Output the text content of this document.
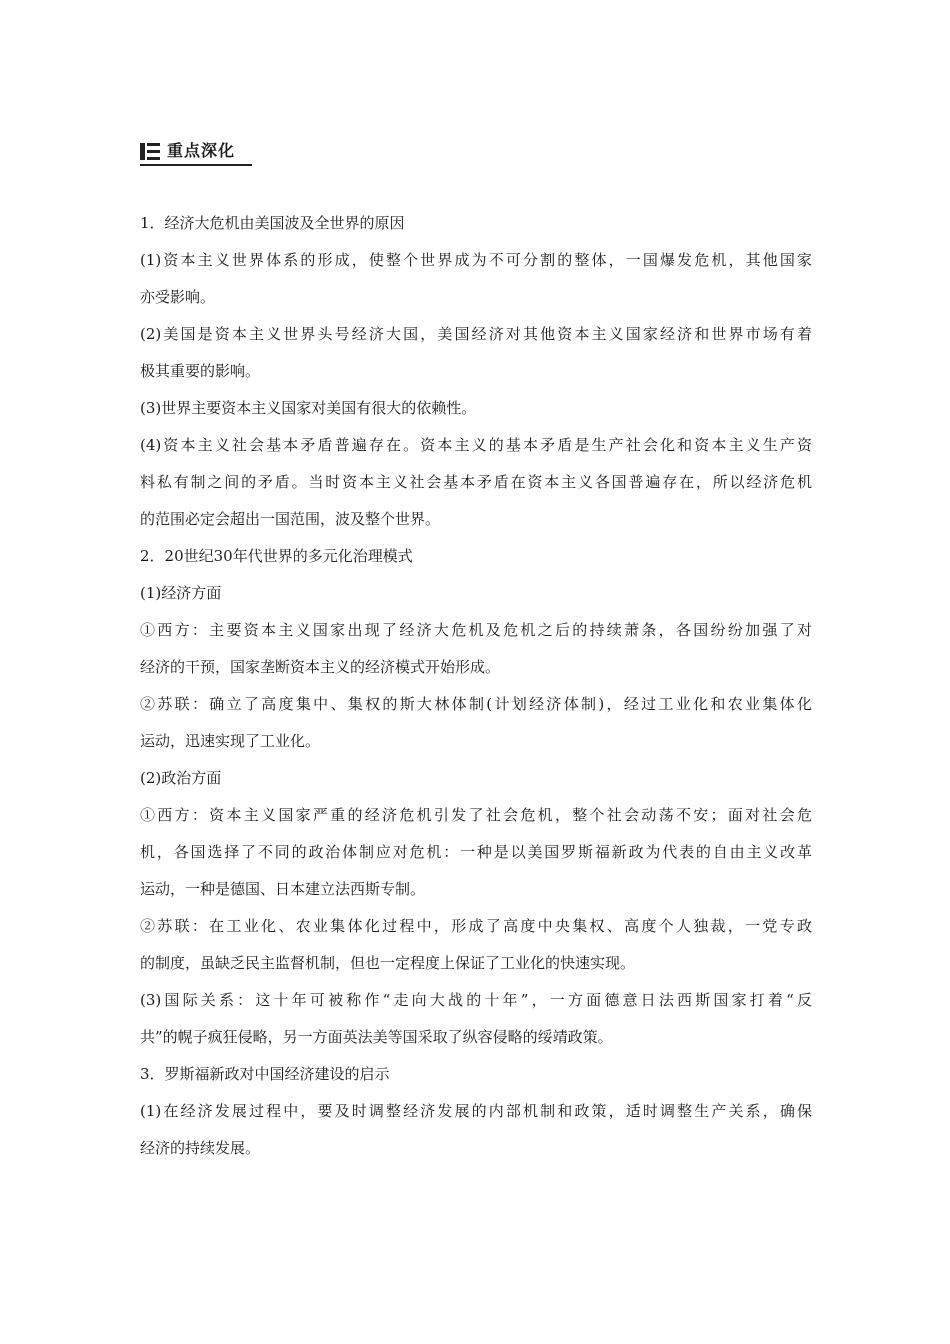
重点深化

1．经济大危机由美国波及全世界的原因

(1)资本主义世界体系的形成，使整个世界成为不可分割的整体，一国爆发危机，其他国家

亦受影响。

(2)美国是资本主义世界头号经济大国，美国经济对其他资本主义国家经济和世界市场有着

极其重要的影响。

(3)世界主要资本主义国家对美国有很大的依赖性。

(4)资本主义社会基本矛盾普遍存在。资本主义的基本矛盾是生产社会化和资本主义生产资

料私有制之间的矛盾。当时资本主义社会基本矛盾在资本主义各国普遍存在，所以经济危机

的范围必定会超出一国范围，波及整个世界。

2．20世纪30年代世界的多元化治理模式

(1)经济方面

①西方：主要资本主义国家出现了经济大危机及危机之后的持续萧条，各国纷纷加强了对

经济的干预，国家垄断资本主义的经济模式开始形成。

②苏联：确立了高度集中、集权的斯大林体制(计划经济体制)，经过工业化和农业集体化

运动，迅速实现了工业化。

(2)政治方面

①西方：资本主义国家严重的经济危机引发了社会危机，整个社会动荡不安；面对社会危

机，各国选择了不同的政治体制应对危机：一种是以美国罗斯福新政为代表的自由主义改革

运动，一种是德国、日本建立法西斯专制。

②苏联：在工业化、农业集体化过程中，形成了高度中央集权、高度个人独裁，一党专政

的制度，虽缺乏民主监督机制，但也一定程度上保证了工业化的快速实现。

(3)国际关系：这十年可被称作“走向大战的十年”，一方面德意日法西斯国家打着“反

共”的幌子疯狂侵略，另一方面英法美等国采取了纵容侵略的绥靖政策。

3．罗斯福新政对中国经济建设的启示

(1)在经济发展过程中，要及时调整经济发展的内部机制和政策，适时调整生产关系，确保

经济的持续发展。
